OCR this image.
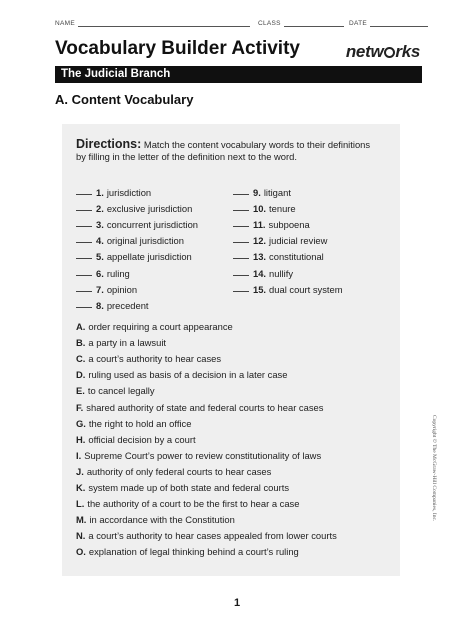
NAME	CLASS	DATE
Vocabulary Builder Activity	netw rks
The Judicial Branch
A. Content Vocabulary
Directions: Match the content vocabulary words to their definitions by filling in the letter of the definition next to the word.
1. jurisdiction
2. exclusive jurisdiction
3. concurrent jurisdiction
4. original jurisdiction
5. appellate jurisdiction
6. ruling
7. opinion
8. precedent
9. litigant
10. tenure
11. subpoena
12. judicial review
13. constitutional
14. nullify
15. dual court system
A. order requiring a court appearance
B. a party in a lawsuit
C. a court’s authority to hear cases
D. ruling used as basis of a decision in a later case
E. to cancel legally
F. shared authority of state and federal courts to hear cases
G. the right to hold an office
H. official decision by a court
I. Supreme Court’s power to review constitutionality of laws
J. authority of only federal courts to hear cases
K. system made up of both state and federal courts
L. the authority of a court to be the first to hear a case
M. in accordance with the Constitution
N. a court’s authority to hear cases appealed from lower courts
O. explanation of legal thinking behind a court’s ruling
Copyright © The McGraw-Hill Companies, Inc.
1
